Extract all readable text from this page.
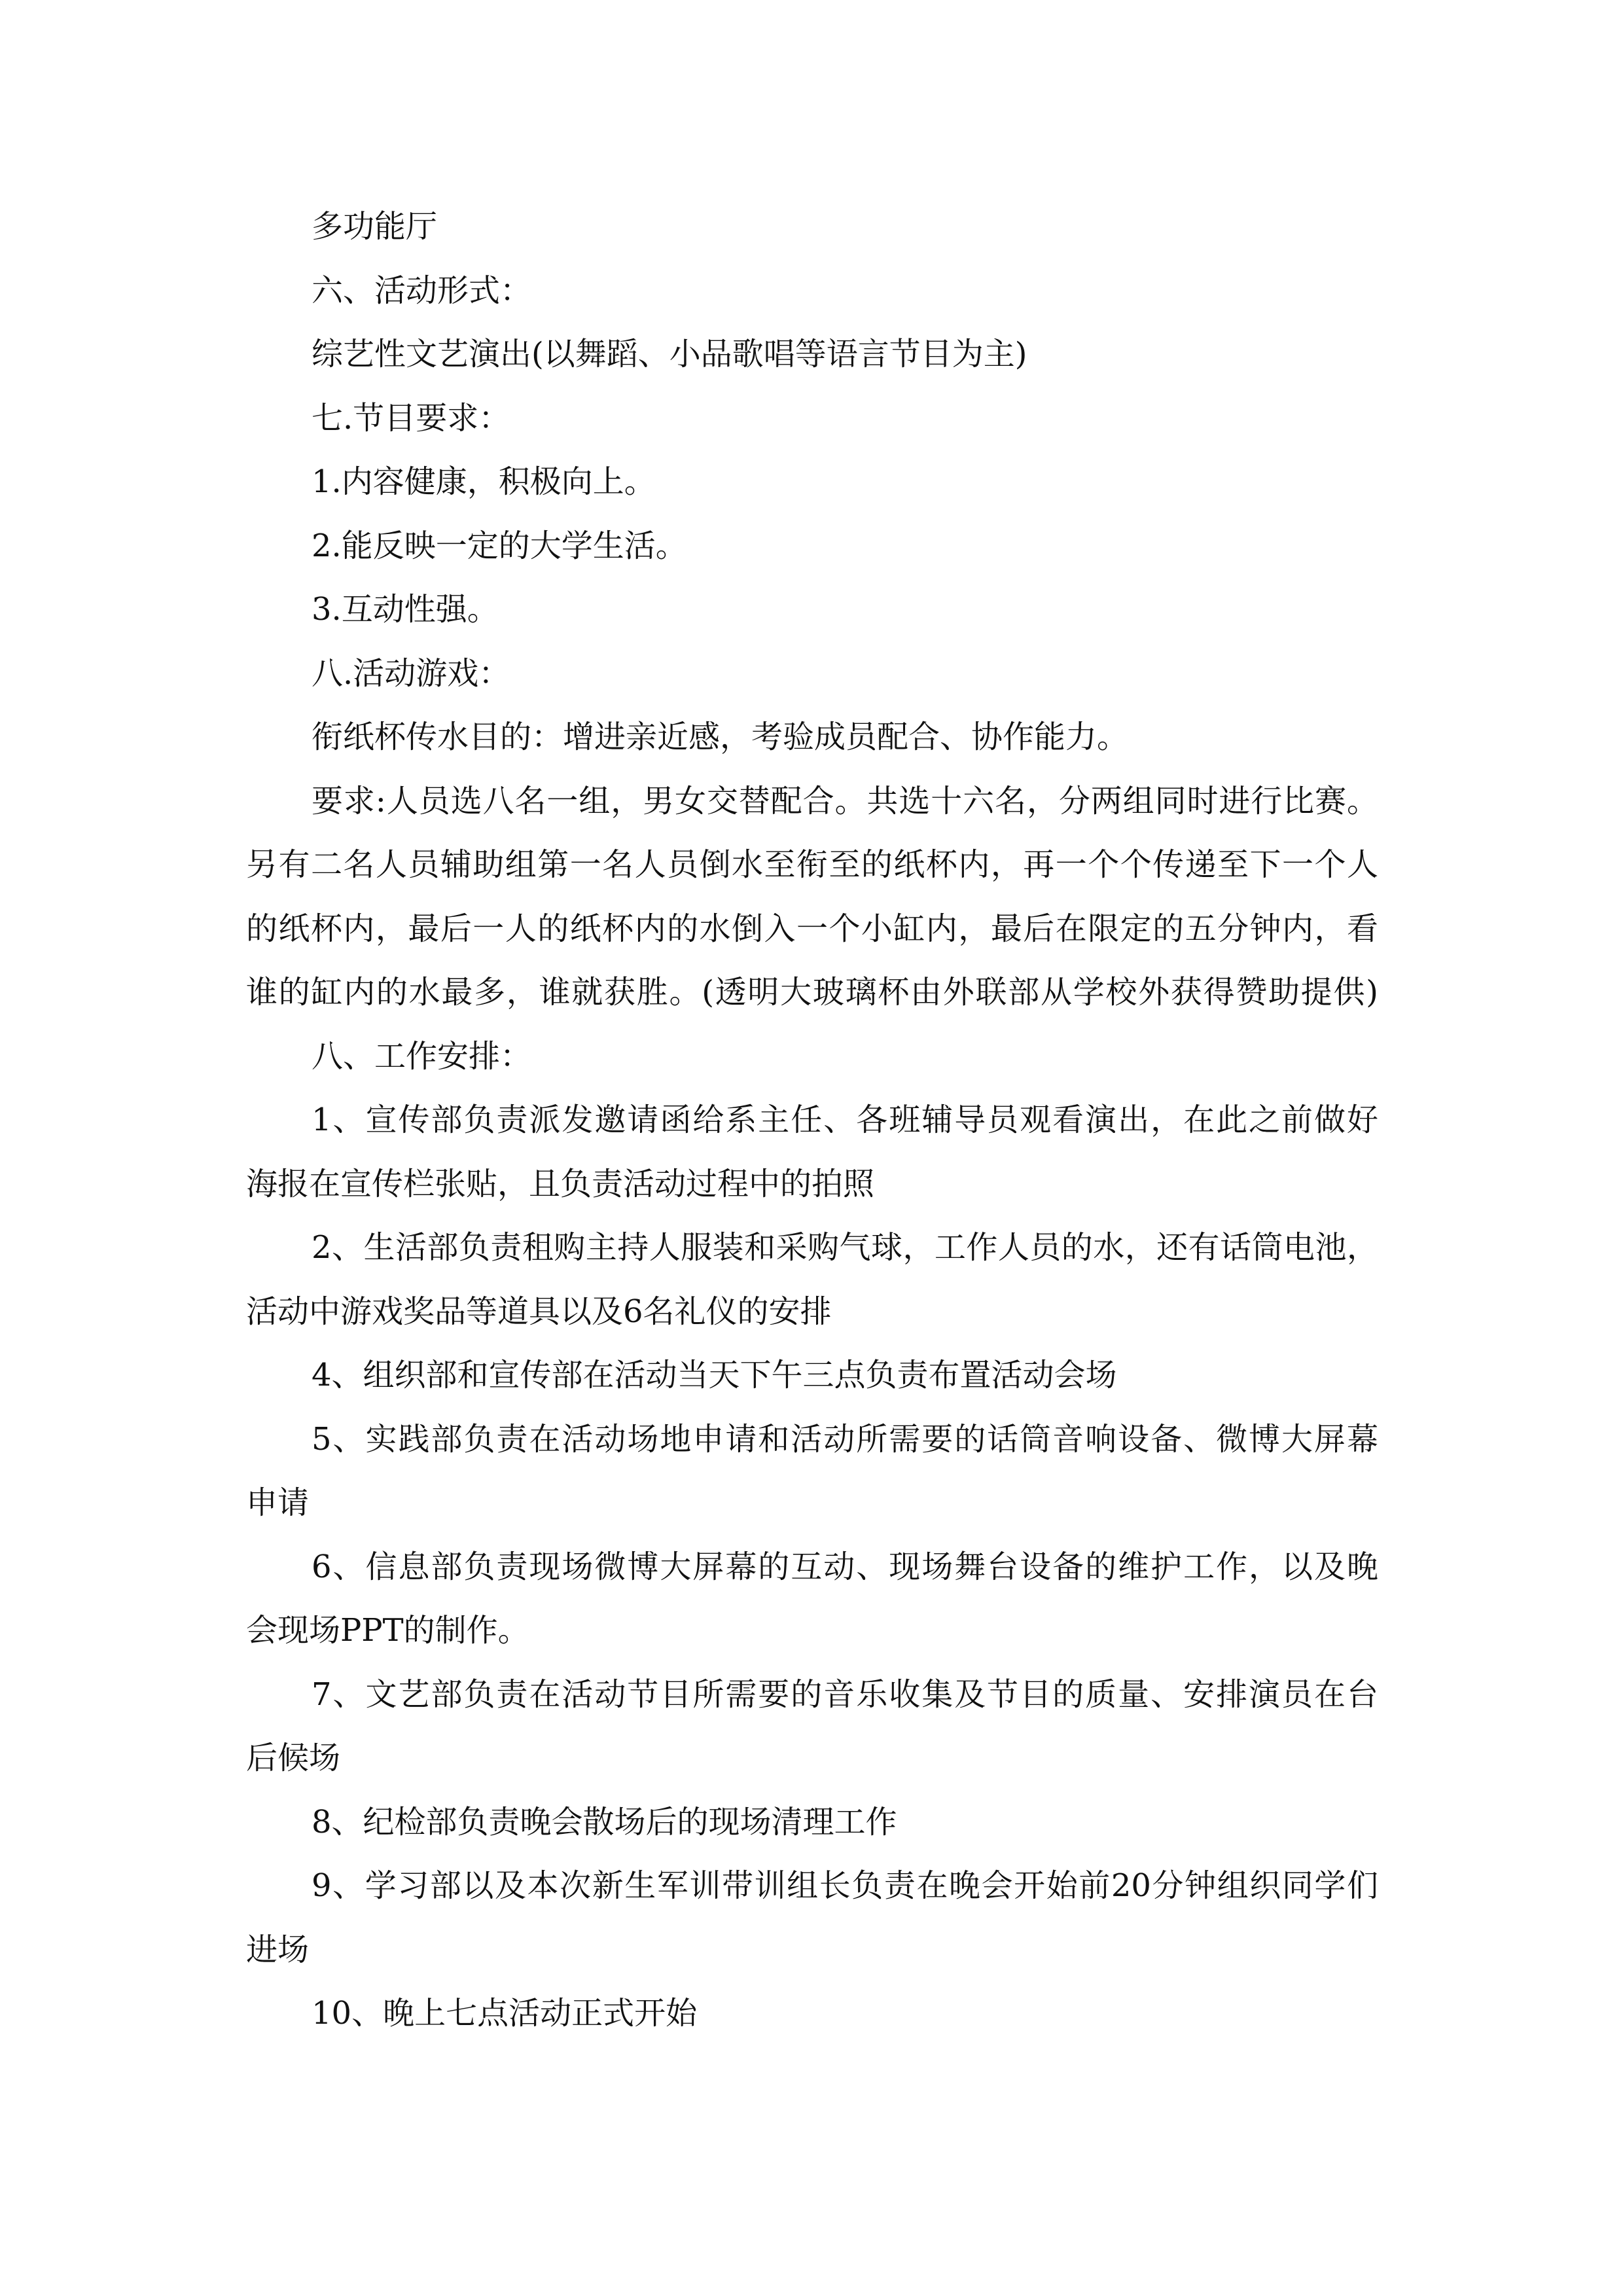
多功能厅
六、活动形式：
综艺性文艺演出(以舞蹈、小品歌唱等语言节目为主)
七.节目要求：
1.内容健康，积极向上。
2.能反映一定的大学生活。
3.互动性强。
八.活动游戏：
衔纸杯传水目的：增进亲近感，考验成员配合、协作能力。
要求:人员选八名一组，男女交替配合。共选十六名，分两组同时进行比赛。
另有二名人员辅助组第一名人员倒水至衔至的纸杯内，再一个个传递至下一个人
的纸杯内，最后一人的纸杯内的水倒入一个小缸内，最后在限定的五分钟内，看
谁的缸内的水最多，谁就获胜。(透明大玻璃杯由外联部从学校外获得赞助提供)
八、工作安排：
1、宣传部负责派发邀请函给系主任、各班辅导员观看演出，在此之前做好
海报在宣传栏张贴，且负责活动过程中的拍照
2、生活部负责租购主持人服装和采购气球，工作人员的水，还有话筒电池，
活动中游戏奖品等道具以及6名礼仪的安排
4、组织部和宣传部在活动当天下午三点负责布置活动会场
5、实践部负责在活动场地申请和活动所需要的话筒音响设备、微博大屏幕
申请
6、信息部负责现场微博大屏幕的互动、现场舞台设备的维护工作，以及晚
会现场PPT的制作。
7、文艺部负责在活动节目所需要的音乐收集及节目的质量、安排演员在台
后候场
8、纪检部负责晚会散场后的现场清理工作
9、学习部以及本次新生军训带训组长负责在晚会开始前20分钟组织同学们
进场
10、晚上七点活动正式开始
